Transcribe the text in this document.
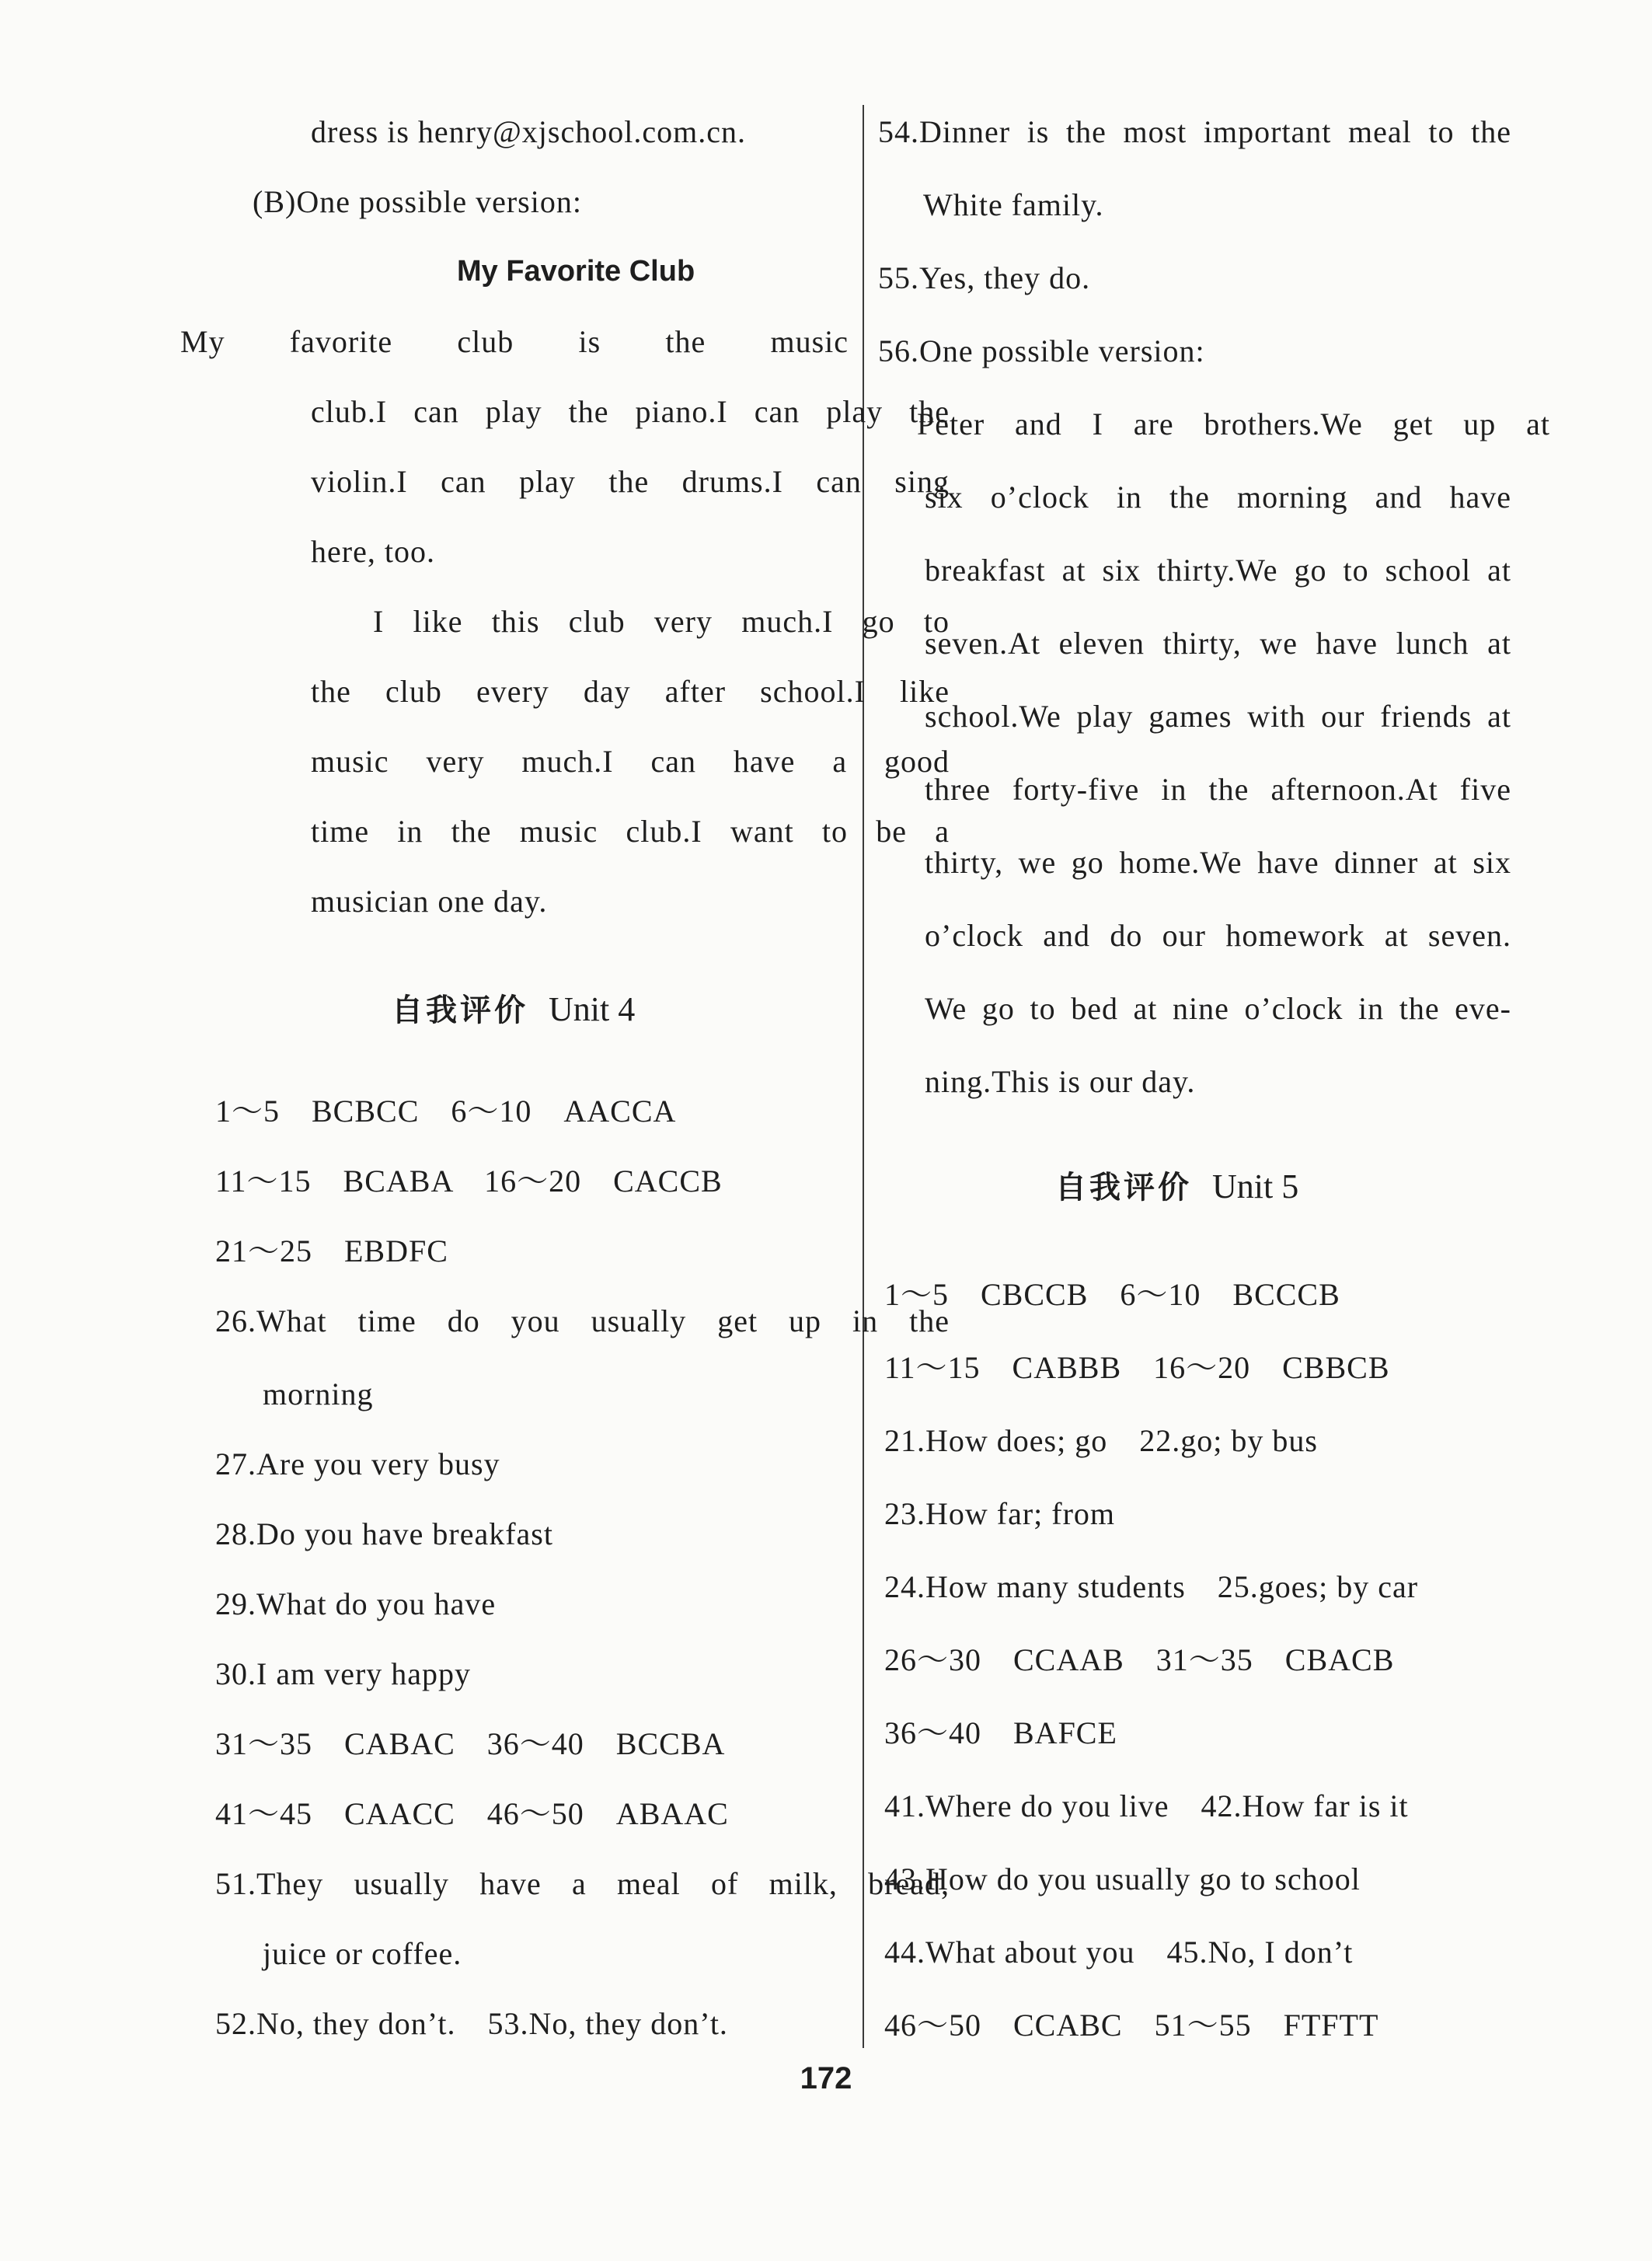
dress is henry@xjschool.com.cn.
(B)One possible version:
My Favorite Club
My favorite club is the music
club.I can play the piano.I can play the
violin.I can play the drums.I can sing
here, too.
I like this club very much.I go to
the club every day after school.I like
music very much.I can have a good
time in the music club.I want to be a
musician one day.
自我评价 Unit 4
1～5　BCBCC　6～10　AACCA
11～15　BCABA　16～20　CACCB
21～25　EBDFC
26.What time do you usually get up in the
morning
27.Are you very busy
28.Do you have breakfast
29.What do you have
30.I am very happy
31～35　CABAC　36～40　BCCBA
41～45　CAACC　46～50　ABAAC
51.They usually have a meal of milk, bread,
juice or coffee.
52.No, they don’t.　53.No, they don’t.
54.Dinner is the most important meal to the
White family.
55.Yes, they do.
56.One possible version:
Peter and I are brothers.We get up at
six o’clock in the morning and have
breakfast at six thirty.We go to school at
seven.At eleven thirty, we have lunch at
school.We play games with our friends at
three forty-five in the afternoon.At five
thirty, we go home.We have dinner at six
o’clock and do our homework at seven.
We go to bed at nine o’clock in the eve-
ning.This is our day.
自我评价 Unit 5
1～5　CBCCB　6～10　BCCCB
11～15　CABBB　16～20　CBBCB
21.How does; go　22.go; by bus
23.How far; from
24.How many students　25.goes; by car
26～30　CCAAB　31～35　CBACB
36～40　BAFCE
41.Where do you live　42.How far is it
43.How do you usually go to school
44.What about you　45.No, I don’t
46～50　CCABC　51～55　FTFTT
172
